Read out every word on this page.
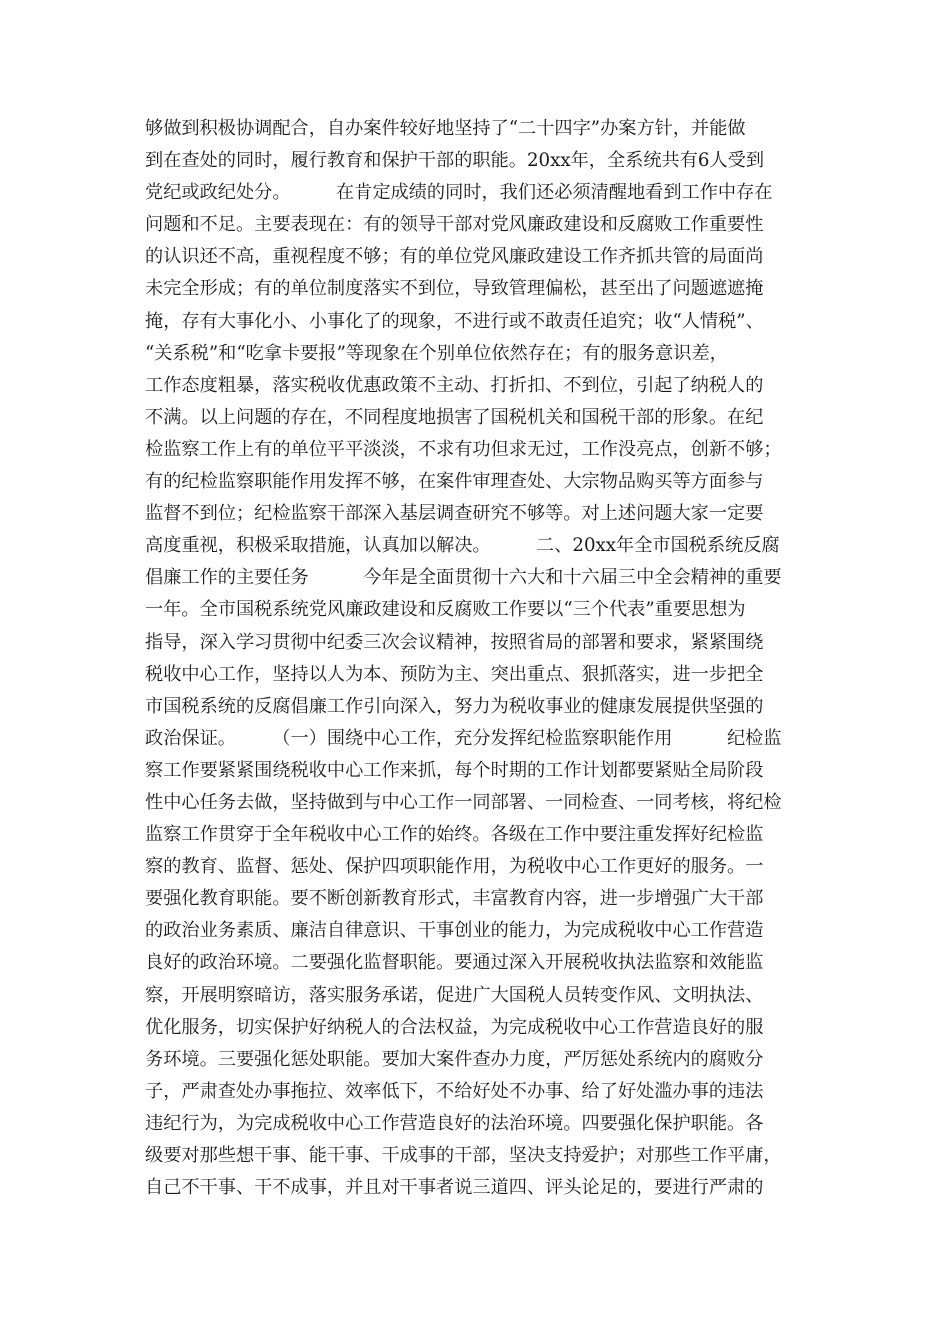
够做到积极协调配合，自办案件较好地坚持了“二十四字”办案方针，并能做
到在查处的同时，履行教育和保护干部的职能。20xx年，全系统共有6人受到
党纪或政纪处分。　　　在肯定成绩的同时，我们还必须清醒地看到工作中存在
问题和不足。主要表现在：有的领导干部对党风廉政建设和反腐败工作重要性
的认识还不高，重视程度不够；有的单位党风廉政建设工作齐抓共管的局面尚
未完全形成；有的单位制度落实不到位，导致管理偏松，甚至出了问题遮遮掩
掩，存有大事化小、小事化了的现象，不进行或不敢责任追究；收“人情税”、
“关系税”和“吃拿卡要报”等现象在个别单位依然存在；有的服务意识差，
工作态度粗暴，落实税收优惠政策不主动、打折扣、不到位，引起了纳税人的
不满。以上问题的存在，不同程度地损害了国税机关和国税干部的形象。在纪
检监察工作上有的单位平平淡淡，不求有功但求无过，工作没亮点，创新不够；
有的纪检监察职能作用发挥不够，在案件审理查处、大宗物品购买等方面参与
监督不到位；纪检监察干部深入基层调查研究不够等。对上述问题大家一定要
高度重视，积极采取措施，认真加以解决。　　　二、20xx年全市国税系统反腐
倡廉工作的主要任务　　　今年是全面贯彻十六大和十六届三中全会精神的重要
一年。全市国税系统党风廉政建设和反腐败工作要以“三个代表”重要思想为
指导，深入学习贯彻中纪委三次会议精神，按照省局的部署和要求，紧紧围绕
税收中心工作，坚持以人为本、预防为主、突出重点、狠抓落实，进一步把全
市国税系统的反腐倡廉工作引向深入，努力为税收事业的健康发展提供坚强的
政治保证。　　　（一）围绕中心工作，充分发挥纪检监察职能作用　　　纪检监
察工作要紧紧围绕税收中心工作来抓，每个时期的工作计划都要紧贴全局阶段
性中心任务去做，坚持做到与中心工作一同部署、一同检查、一同考核，将纪检
监察工作贯穿于全年税收中心工作的始终。各级在工作中要注重发挥好纪检监
察的教育、监督、惩处、保护四项职能作用，为税收中心工作更好的服务。一
要强化教育职能。要不断创新教育形式，丰富教育内容，进一步增强广大干部
的政治业务素质、廉洁自律意识、干事创业的能力，为完成税收中心工作营造
良好的政治环境。二要强化监督职能。要通过深入开展税收执法监察和效能监
察，开展明察暗访，落实服务承诺，促进广大国税人员转变作风、文明执法、
优化服务，切实保护好纳税人的合法权益，为完成税收中心工作营造良好的服
务环境。三要强化惩处职能。要加大案件查办力度，严厉惩处系统内的腐败分
子，严肃查处办事拖拉、效率低下，不给好处不办事、给了好处滥办事的违法
违纪行为，为完成税收中心工作营造良好的法治环境。四要强化保护职能。各
级要对那些想干事、能干事、干成事的干部，坚决支持爱护；对那些工作平庸，
自己不干事、干不成事，并且对干事者说三道四、评头论足的，要进行严肃的
